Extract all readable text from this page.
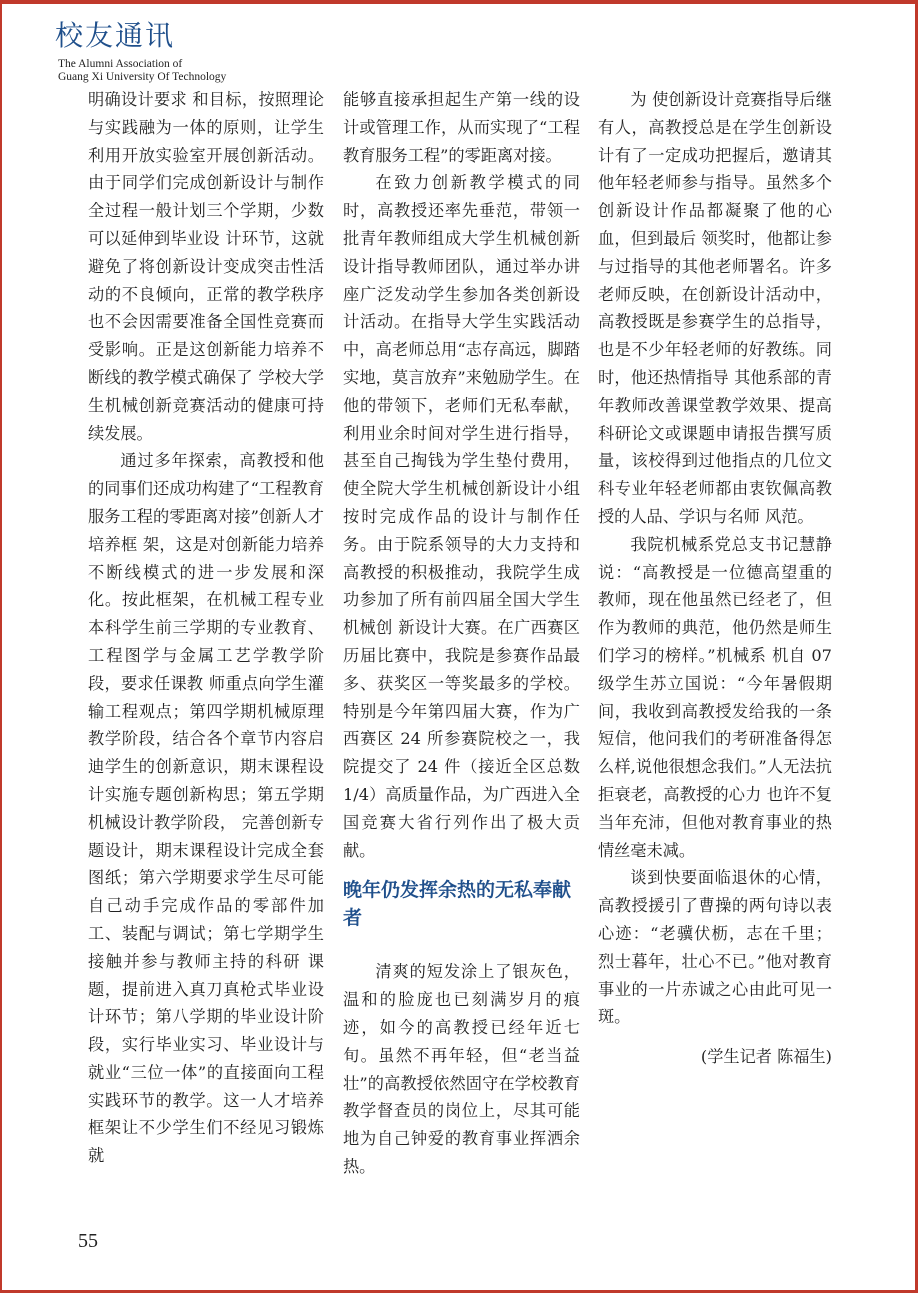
校友通讯
The Alumni Association of
Guang Xi University Of Technology

明确设计要求 和目标，按照理论与实践融为一体的原则，让学生利用开放实验室开展创新活动。由于同学们完成创新设计与制作全过程一般计划三个学期，少数可以延伸到毕业设 计环节，这就避免了将创新设计变成突击性活动的不良倾向，正常的教学秩序也不会因需要准备全国性竞赛而受影响。正是这创新能力培养不断线的教学模式确保了 学校大学生机械创新竞赛活动的健康可持续发展。

通过多年探索，高教授和他的同事们还成功构建了“工程教育服务工程的零距离对接”创新人才培养框 架，这是对创新能力培养不断线模式的进一步发展和深化。按此框架，在机械工程专业本科学生前三学期的专业教育、工程图学与金属工艺学教学阶段，要求任课教 师重点向学生灌输工程观点；第四学期机械原理教学阶段，结合各个章节内容启迪学生的创新意识，期末课程设计实施专题创新构思；第五学期机械设计教学阶段， 完善创新专题设计，期末课程设计完成全套图纸；第六学期要求学生尽可能自己动手完成作品的零部件加工、装配与调试；第七学期学生接触并参与教师主持的科研 课题，提前进入真刀真枪式毕业设计环节；第八学期的毕业设计阶段，实行毕业实习、毕业设计与就业“三位一体”的直接面向工程实践环节的教学。这一人才培养 框架让不少学生们不经见习锻炼就

能够直接承担起生产第一线的设计或管理工作，从而实现了“工程教育服务工程”的零距离对接。

在致力创新教学模式的同时，高教授还率先垂范，带领一批青年教师组成大学生机械创新设计指导教师团队，通过举办讲座广泛发动学生参加各类创新设计活动。在指导大学生实践活动 中，高老师总用“志存高远，脚踏实地，莫言放弃”来勉励学生。在他的带领下，老师们无私奉献，利用业余时间对学生进行指导，甚至自己掏钱为学生垫付费用， 使全院大学生机械创新设计小组按时完成作品的设计与制作任务。由于院系领导的大力支持和高教授的积极推动，我院学生成功参加了所有前四届全国大学生机械创 新设计大赛。在广西赛区历届比赛中，我院是参赛作品最多、获奖区一等奖最多的学校。特别是今年第四届大赛，作为广西赛区 24 所参赛院校之一，我院提交了 24 件（接近全区总数 1/4）高质量作品，为广西进入全国竞赛大省行列作出了极大贡献。

晚年仍发挥余热的无私奉献者

清爽的短发涂上了银灰色，温和的脸庞也已刻满岁月的痕迹，如今的高教授已经年近七旬。虽然不再年轻，但“老当益壮”的高教授依然固守在学校教育教学督查员的岗位上，尽其可能地为自己钟爱的教育事业挥洒余热。

为 使创新设计竞赛指导后继有人，高教授总是在学生创新设计有了一定成功把握后，邀请其他年轻老师参与指导。虽然多个创新设计作品都凝聚了他的心血，但到最后 领奖时，他都让参与过指导的其他老师署名。许多老师反映，在创新设计活动中，高教授既是参赛学生的总指导，也是不少年轻老师的好教练。同时，他还热情指导 其他系部的青年教师改善课堂教学效果、提高科研论文或课题申请报告撰写质量，该校得到过他指点的几位文科专业年轻老师都由衷钦佩高教授的人品、学识与名师 风范。

我院机械系党总支书记慧静说：“高教授是一位德高望重的教师，现在他虽然已经老了，但作为教师的典范，他仍然是师生们学习的榜样。”机械系 机自 07 级学生苏立国说：“今年暑假期间，我收到高教授发给我的一条短信，他问我们的考研准备得怎么样,说他很想念我们。”人无法抗拒衰老，高教授的心力 也许不复当年充沛，但他对教育事业的热情丝毫未减。

谈到快要面临退休的心情，高教授援引了曹操的两句诗以表心迹：“老骥伏枥，志在千里；烈士暮年，壮心不已。”他对教育事业的一片赤诚之心由此可见一斑。

(学生记者 陈福生)

55
